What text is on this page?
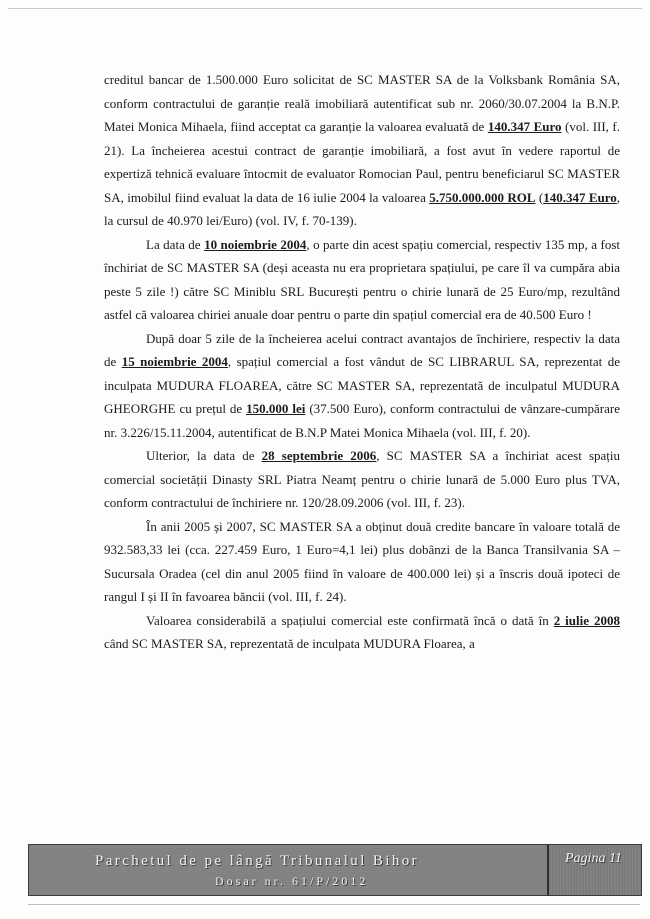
creditul bancar de 1.500.000 Euro solicitat de SC MASTER SA de la Volksbank România SA, conform contractului de garanție reală imobiliară autentificat sub nr. 2060/30.07.2004 la B.N.P. Matei Monica Mihaela, fiind acceptat ca garanție la valoarea evaluată de 140.347 Euro (vol. III, f. 21). La încheierea acestui contract de garanție imobiliară, a fost avut în vedere raportul de expertiză tehnică evaluare întocmit de evaluator Romocian Paul, pentru beneficiarul SC MASTER SA, imobilul fiind evaluat la data de 16 iulie 2004 la valoarea 5.750.000.000 ROL (140.347 Euro, la cursul de 40.970 lei/Euro) (vol. IV, f. 70-139).

La data de 10 noiembrie 2004, o parte din acest spațiu comercial, respectiv 135 mp, a fost închiriat de SC MASTER SA (deși aceasta nu era proprietara spațiului, pe care îl va cumpăra abia peste 5 zile !) către SC Miniblu SRL București pentru o chirie lunară de 25 Euro/mp, rezultând astfel că valoarea chiriei anuale doar pentru o parte din spațiul comercial era de 40.500 Euro !

După doar 5 zile de la încheierea acelui contract avantajos de închiriere, respectiv la data de 15 noiembrie 2004, spațiul comercial a fost vândut de SC LIBRARUL SA, reprezentat de inculpata MUDURA FLOAREA, către SC MASTER SA, reprezentată de inculpatul MUDURA GHEORGHE cu prețul de 150.000 lei (37.500 Euro), conform contractului de vânzare-cumpărare nr. 3.226/15.11.2004, autentificat de B.N.P Matei Monica Mihaela (vol. III, f. 20).

Ulterior, la data de 28 septembrie 2006, SC MASTER SA a închiriat acest spațiu comercial societății Dinasty SRL Piatra Neamț pentru o chirie lunară de 5.000 Euro plus TVA, conform contractului de închiriere nr. 120/28.09.2006 (vol. III, f. 23).

În anii 2005 și 2007, SC MASTER SA a obținut două credite bancare în valoare totală de 932.583,33 lei (cca. 227.459 Euro, 1 Euro=4,1 lei) plus dobânzi de la Banca Transilvania SA – Sucursala Oradea (cel din anul 2005 fiind în valoare de 400.000 lei) și a înscris două ipoteci de rangul I și II în favoarea băncii (vol. III, f. 24).

Valoarea considerabilă a spațiului comercial este confirmată încă o dată în 2 iulie 2008 când SC MASTER SA, reprezentată de inculpata MUDURA Floarea, a

Parchetul de pe lângă Tribunalul Bihor
Dosar nr. 61/P/2012
Pagina 11
